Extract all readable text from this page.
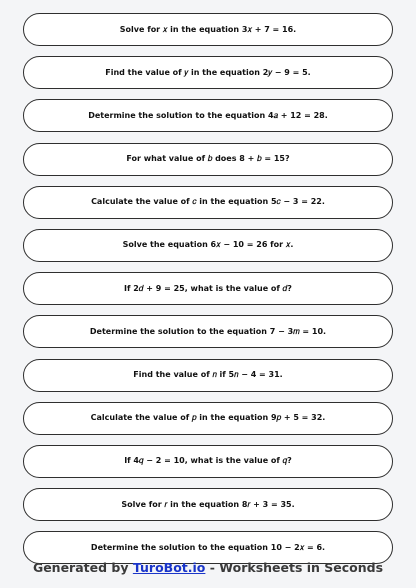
Solve for 𝑥 in the equation 3𝑥 + 7 = 16.
Find the value of 𝑦 in the equation 2𝑦 − 9 = 5.
Determine the solution to the equation 4𝑎 + 12 = 28.
For what value of 𝑏 does 8 + 𝑏 = 15?
Calculate the value of 𝑐 in the equation 5𝑐 − 3 = 22.
Solve the equation 6𝑥 − 10 = 26 for 𝑥.
If 2𝑑 + 9 = 25, what is the value of 𝑑?
Determine the solution to the equation 7 − 3𝑚 = 10.
Find the value of 𝑛 if 5𝑛 − 4 = 31.
Calculate the value of 𝑝 in the equation 9𝑝 + 5 = 32.
If 4𝑞 − 2 = 10, what is the value of 𝑞?
Solve for 𝑟 in the equation 8𝑟 + 3 = 35.
Determine the solution to the equation 10 − 2𝑥 = 6.
Generated by TuroBot.io - Worksheets in Seconds
